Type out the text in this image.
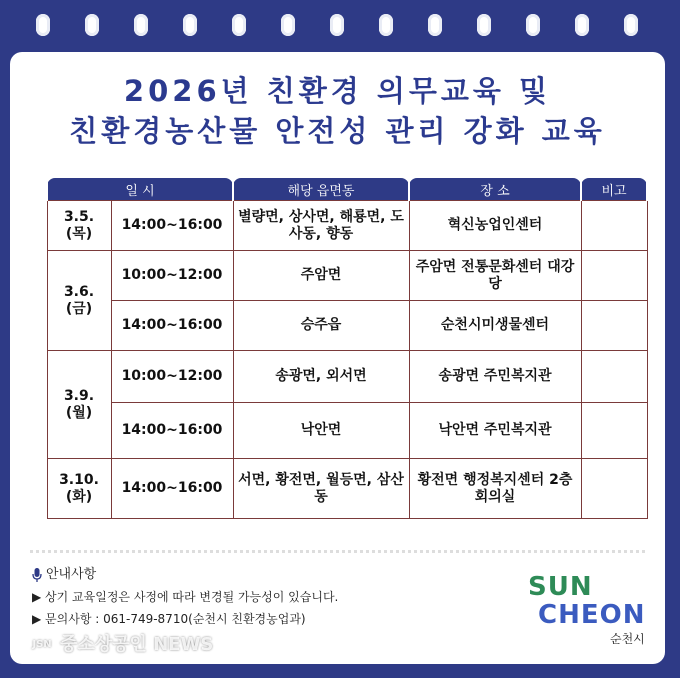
2026년 친환경 의무교육 및
친환경농산물 안전성 관리 강화 교육
일 시		해당 읍면동	장 소	비고
3.5.
(목)	14:00~16:00	별량면, 상사면, 해룡면, 도사동, 향동	혁신농업인센터	
3.6.
(금)	10:00~12:00	주암면	주암면 전통문화센터 대강당	
	14:00~16:00	승주읍	순천시미생물센터	
3.9.
(월)	10:00~12:00	송광면, 외서면	송광면 주민복지관	
	14:00~16:00	낙안면	낙안면 주민복지관	
3.10.
(화)	14:00~16:00	서면, 황전면, 월등면, 삼산동	황전면 행정복지센터 2층 회의실	
안내사항
▶ 상기 교육일정은 사정에 따라 변경될 가능성이 있습니다.
▶ 문의사항 : 061-749-8710(순천시 친환경농업과)
SUN
CHEON
순천시
JSN 중소상공인 NEWS
